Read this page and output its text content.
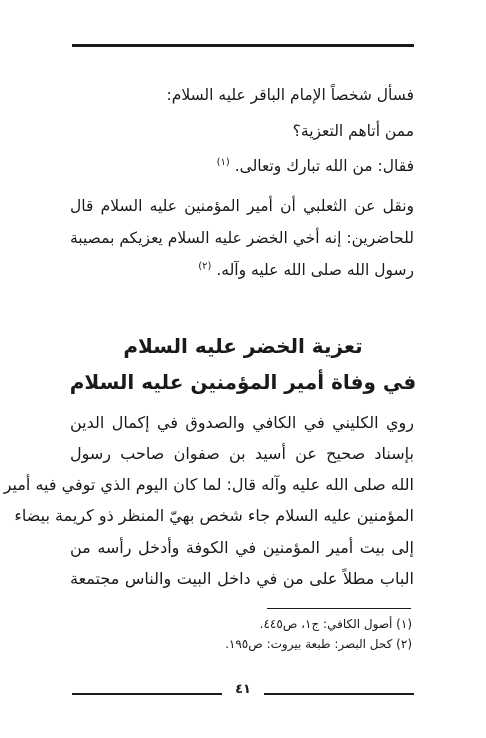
فسأل شخصاً الإمام الباقر عليه السلام:
ممن أتاهم التعزية؟
فقال: من الله تبارك وتعالى. $^{(١)}$
ونقل عن الثعلبي أن أمير المؤمنين عليه السلام قال
للحاضرين: إنه أخي الخضر عليه السلام يعزيكم بمصيبة
رسول الله صلى الله عليه وآله. $^{(٢)}$
تعزية الخضر عليه السلام
في وفاة أمير المؤمنين عليه السلام
روي الكليني في الكافي والصدوق في إكمال الدين
بإسناد صحيح عن أسيد بن صفوان صاحب رسول
الله صلى الله عليه وآله قال: لما كان اليوم الذي توفي فيه أمير
المؤمنين عليه السلام جاء شخص بهيّ المنظر ذو كريمة بيضاء
إلى بيت أمير المؤمنين في الكوفة وأدخل رأسه من
الباب مطلاً على من في داخل البيت والناس مجتمعة
(١) أصول الكافي: ج١، ص٤٤٥.
(٢) كحل البصر: طبعة بيروت: ص١٩٥.
٤١
